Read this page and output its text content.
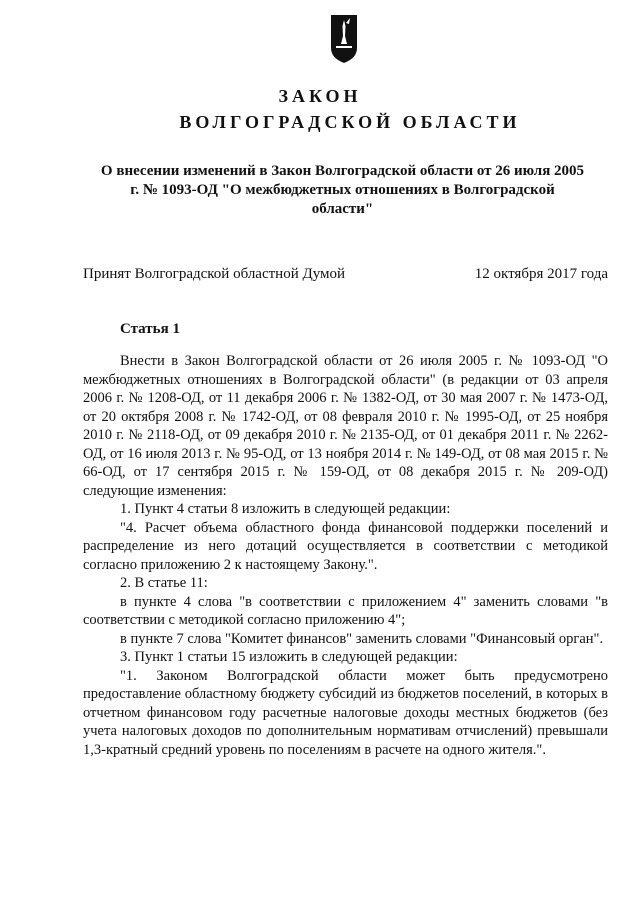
ЗАКОН
ВОЛГОГРАДСКОЙ ОБЛАСТИ
О внесении изменений в Закон Волгоградской области от 26 июля 2005 г. № 1093-ОД "О межбюджетных отношениях в Волгоградской области"
Принят Волгоградской областной Думой	12 октября 2017 года
Статья 1

Внести в Закон Волгоградской области от 26 июля 2005 г. № 1093-ОД "О межбюджетных отношениях в Волгоградской области" (в редакции от 03 апреля 2006 г. № 1208-ОД, от 11 декабря 2006 г. № 1382-ОД, от 30 мая 2007 г. № 1473-ОД, от 20 октября 2008 г. № 1742-ОД, от 08 февраля 2010 г. № 1995-ОД, от 25 ноября 2010 г. № 2118-ОД, от 09 декабря 2010 г. № 2135-ОД, от 01 декабря 2011 г. № 2262-ОД, от 16 июля 2013 г. № 95-ОД, от 13 ноября 2014 г. № 149-ОД, от 08 мая 2015 г. № 66-ОД, от 17 сентября 2015 г. № 159-ОД, от 08 декабря 2015 г. № 209-ОД) следующие изменения:

1. Пункт 4 статьи 8 изложить в следующей редакции:

"4. Расчет объема областного фонда финансовой поддержки поселений и распределение из него дотаций осуществляется в соответствии с методикой согласно приложению 2 к настоящему Закону.".

2. В статье 11:

в пункте 4 слова "в соответствии с приложением 4" заменить словами "в соответствии с методикой согласно приложению 4";

в пункте 7 слова "Комитет финансов" заменить словами "Финансовый орган".

3. Пункт 1 статьи 15 изложить в следующей редакции:

"1. Законом Волгоградской области может быть предусмотрено предоставление областному бюджету субсидий из бюджетов поселений, в которых в отчетном финансовом году расчетные налоговые доходы местных бюджетов (без учета налоговых доходов по дополнительным нормативам отчислений) превышали 1,3-кратный средний уровень по поселениям в расчете на одного жителя.".
